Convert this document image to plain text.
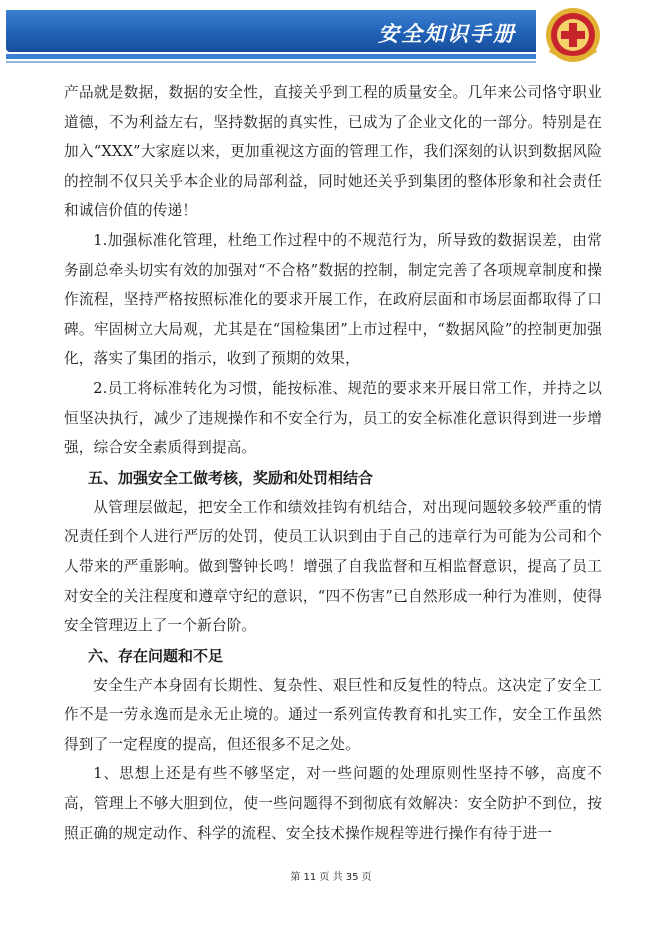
安全知识手册

产品就是数据，数据的安全性，直接关乎到工程的质量安全。几年来公司恪守职业道德，不为利益左右，坚持数据的真实性，已成为了企业文化的一部分。特别是在加入“XXX”大家庭以来，更加重视这方面的管理工作，我们深刻的认识到数据风险的控制不仅只关乎本企业的局部利益，同时她还关乎到集团的整体形象和社会责任和诚信价值的传递！

1.加强标准化管理，杜绝工作过程中的不规范行为，所导致的数据误差，由常务副总牵头切实有效的加强对“不合格”数据的控制，制定完善了各项规章制度和操作流程，坚持严格按照标准化的要求开展工作，在政府层面和市场层面都取得了口碑。牢固树立大局观，尤其是在“国检集团”上市过程中，“数据风险”的控制更加强化，落实了集团的指示，收到了预期的效果，

2.员工将标准转化为习惯，能按标准、规范的要求来开展日常工作，并持之以恒坚决执行，减少了违规操作和不安全行为，员工的安全标准化意识得到进一步增强，综合安全素质得到提高。

五、加强安全工做考核，奖励和处罚相结合

从管理层做起，把安全工作和绩效挂钩有机结合，对出现问题较多较严重的情况责任到个人进行严厉的处罚，使员工认识到由于自己的违章行为可能为公司和个人带来的严重影响。做到警钟长鸣！增强了自我监督和互相监督意识，提高了员工对安全的关注程度和遵章守纪的意识，“四不伤害”已自然形成一种行为准则，使得安全管理迈上了一个新台阶。

六、存在问题和不足

安全生产本身固有长期性、复杂性、艰巨性和反复性的特点。这决定了安全工作不是一劳永逸而是永无止境的。通过一系列宣传教育和扎实工作，安全工作虽然得到了一定程度的提高，但还很多不足之处。

1、思想上还是有些不够坚定，对一些问题的处理原则性坚持不够，高度不高，管理上不够大胆到位，使一些问题得不到彻底有效解决：安全防护不到位，按照正确的规定动作、科学的流程、安全技术操作规程等进行操作有待于进一

第 11 页 共 35 页
